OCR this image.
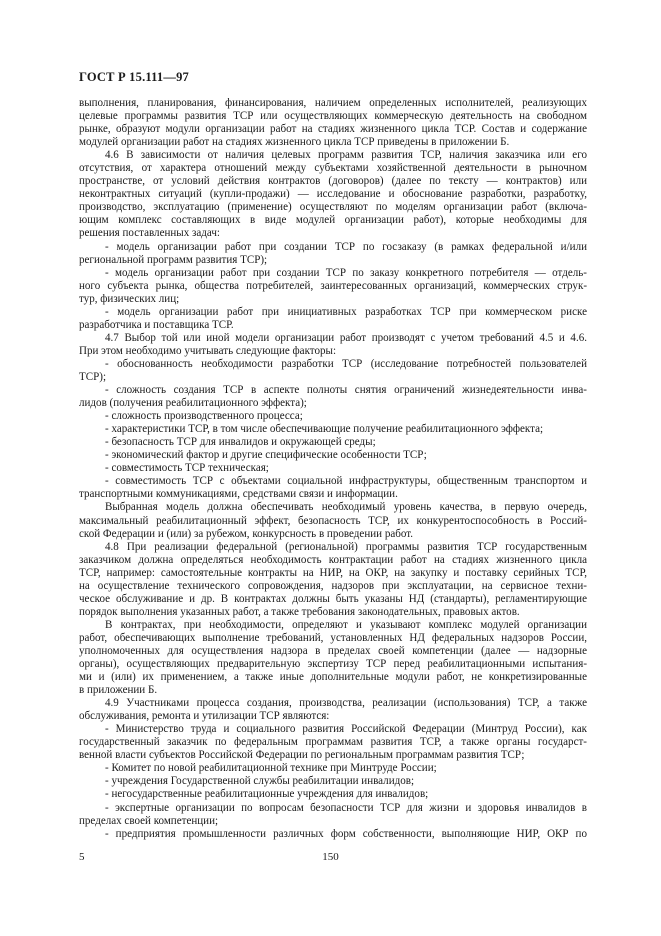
ГОСТ Р 15.111—97
выполнения, планирования, финансирования, наличием определенных исполнителей, реализующих
целевые программы развития ТСР или осуществляющих коммерческую деятельность на свободном
рынке, образуют модули организации работ на стадиях жизненного цикла ТСР. Состав и содержание
модулей организации работ на стадиях жизненного цикла ТСР приведены в приложении Б.
4.6 В зависимости от наличия целевых программ развития ТСР, наличия заказчика или его
отсутствия, от характера отношений между субъектами хозяйственной деятельности в рыночном
пространстве, от условий действия контрактов (договоров) (далее по тексту — контрактов) или
неконтрактных ситуаций (купли-продажи) — исследование и обоснование разработки, разработку,
производство, эксплуатацию (применение) осуществляют по моделям организации работ (включа-
ющим комплекс составляющих в виде модулей организации работ), которые необходимы для
решения поставленных задач:
- модель организации работ при создании ТСР по госзаказу (в рамках федеральной и/или
региональной программ развития ТСР);
- модель организации работ при создании ТСР по заказу конкретного потребителя — отдель-
ного субъекта рынка, общества потребителей, заинтересованных организаций, коммерческих струк-
тур, физических лиц;
- модель организации работ при инициативных разработках ТСР при коммерческом риске
разработчика и поставщика ТСР.
4.7 Выбор той или иной модели организации работ производят с учетом требований 4.5 и 4.6.
При этом необходимо учитывать следующие факторы:
- обоснованность необходимости разработки ТСР (исследование потребностей пользователей
ТСР);
- сложность создания ТСР в аспекте полноты снятия ограничений жизнедеятельности инва-
лидов (получения реабилитационного эффекта);
- сложность производственного процесса;
- характеристики ТСР, в том числе обеспечивающие получение реабилитационного эффекта;
- безопасность ТСР для инвалидов и окружающей среды;
- экономический фактор и другие специфические особенности ТСР;
- совместимость ТСР техническая;
- совместимость ТСР с объектами социальной инфраструктуры, общественным транспортом и
транспортными коммуникациями, средствами связи и информации.
Выбранная модель должна обеспечивать необходимый уровень качества, в первую очередь,
максимальный реабилитационный эффект, безопасность ТСР, их конкурентоспособность в Россий-
ской Федерации и (или) за рубежом, конкурсность в проведении работ.
4.8 При реализации федеральной (региональной) программы развития ТСР государственным
заказчиком должна определяться необходимость контрактации работ на стадиях жизненного цикла
ТСР, например: самостоятельные контракты на НИР, на ОКР, на закупку и поставку серийных ТСР,
на осуществление технического сопровождения, надзоров при эксплуатации, на сервисное техни-
ческое обслуживание и др. В контрактах должны быть указаны НД (стандарты), регламентирующие
порядок выполнения указанных работ, а также требования законодательных, правовых актов.
В контрактах, при необходимости, определяют и указывают комплекс модулей организации
работ, обеспечивающих выполнение требований, установленных НД федеральных надзоров России,
уполномоченных для осуществления надзора в пределах своей компетенции (далее — надзорные
органы), осуществляющих предварительную экспертизу ТСР перед реабилитационными испытания-
ми и (или) их применением, а также иные дополнительные модули работ, не конкретизированные
в приложении Б.
4.9 Участниками процесса создания, производства, реализации (использования) ТСР, а также
обслуживания, ремонта и утилизации ТСР являются:
- Министерство труда и социального развития Российской Федерации (Минтруд России), как
государственный заказчик по федеральным программам развития ТСР, а также органы государст-
венной власти субъектов Российской Федерации по региональным программам развития ТСР;
- Комитет по новой реабилитационной технике при Минтруде России;
- учреждения Государственной службы реабилитации инвалидов;
- негосударственные реабилитационные учреждения для инвалидов;
- экспертные организации по вопросам безопасности ТСР для жизни и здоровья инвалидов в
пределах своей компетенции;
- предприятия промышленности различных форм собственности, выполняющие НИР, ОКР по
5	150
